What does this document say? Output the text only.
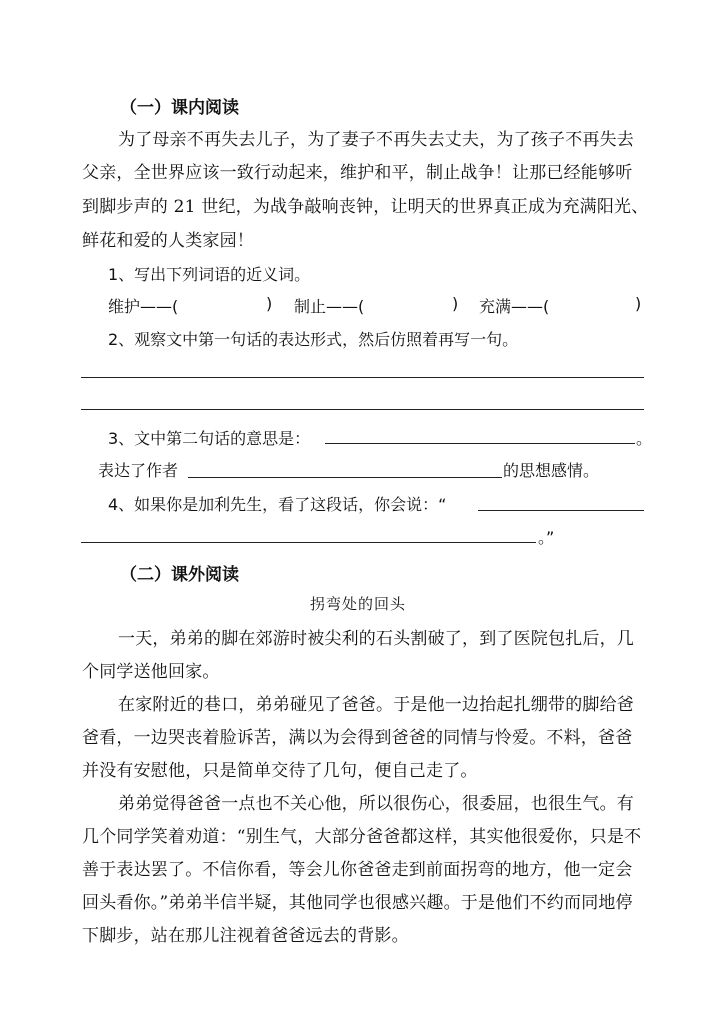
（一）课内阅读
为了母亲不再失去儿子，为了妻子不再失去丈夫，为了孩子不再失去
父亲，全世界应该一致行动起来，维护和平，制止战争！让那已经能够听
到脚步声的 21 世纪，为战争敲响丧钟，让明天的世界真正成为充满阳光、
鲜花和爱的人类家园！
1、写出下列词语的近义词。
维护——(	) 制止——(	) 充满——(	)
2、观察文中第一句话的表达形式，然后仿照着再写一句。
3、文中第二句话的意思是：	。
表达了作者	的思想感情。
4、如果你是加利先生，看了这段话，你会说：“
。”
（二）课外阅读
拐弯处的回头
一天，弟弟的脚在郊游时被尖利的石头割破了，到了医院包扎后，几
个同学送他回家。
在家附近的巷口，弟弟碰见了爸爸。于是他一边抬起扎绷带的脚给爸
爸看，一边哭丧着脸诉苦，满以为会得到爸爸的同情与怜爱。不料，爸爸
并没有安慰他，只是简单交待了几句，便自己走了。
弟弟觉得爸爸一点也不关心他，所以很伤心，很委屈，也很生气。有
几个同学笑着劝道：“别生气，大部分爸爸都这样，其实他很爱你，只是不
善于表达罢了。不信你看，等会儿你爸爸走到前面拐弯的地方，他一定会
回头看你。”弟弟半信半疑，其他同学也很感兴趣。于是他们不约而同地停
下脚步，站在那儿注视着爸爸远去的背影。
